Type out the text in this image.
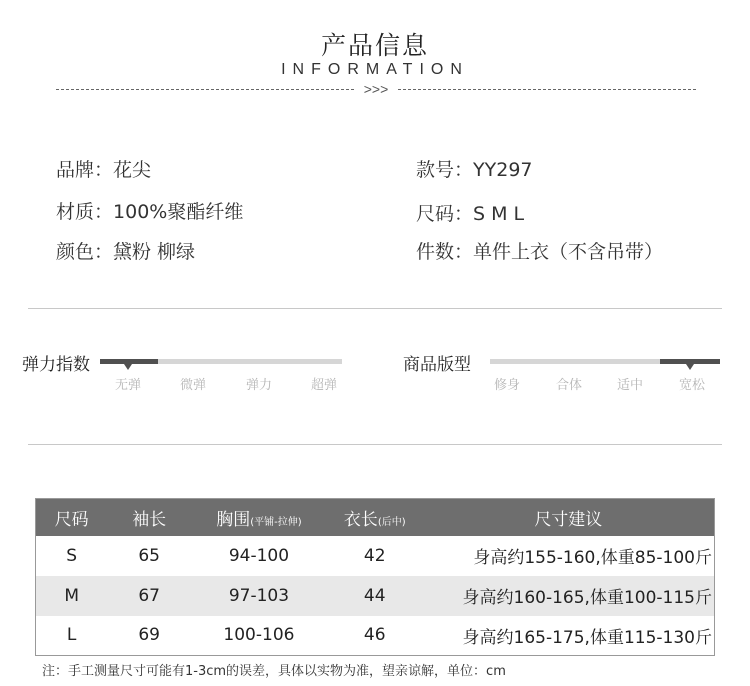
产品信息
INFORMATION
>>>
品牌：花尖	款号：YY297
材质：100%聚酯纤维	尺码：S M L
颜色：黛粉 柳绿	件数：单件上衣（不含吊带）
弹力指数
无弹	微弹	弹力	超弹
商品版型
修身	合体	适中	宽松
尺码	袖长	胸围(平铺-拉伸)	衣长(后中)	尺寸建议
S	65	94-100	42	身高约155-160,体重85-100斤
M	67	97-103	44	身高约160-165,体重100-115斤
L	69	100-106	46	身高约165-175,体重115-130斤
注：手工测量尺寸可能有1-3cm的误差，具体以实物为准，望亲谅解，单位：cm
